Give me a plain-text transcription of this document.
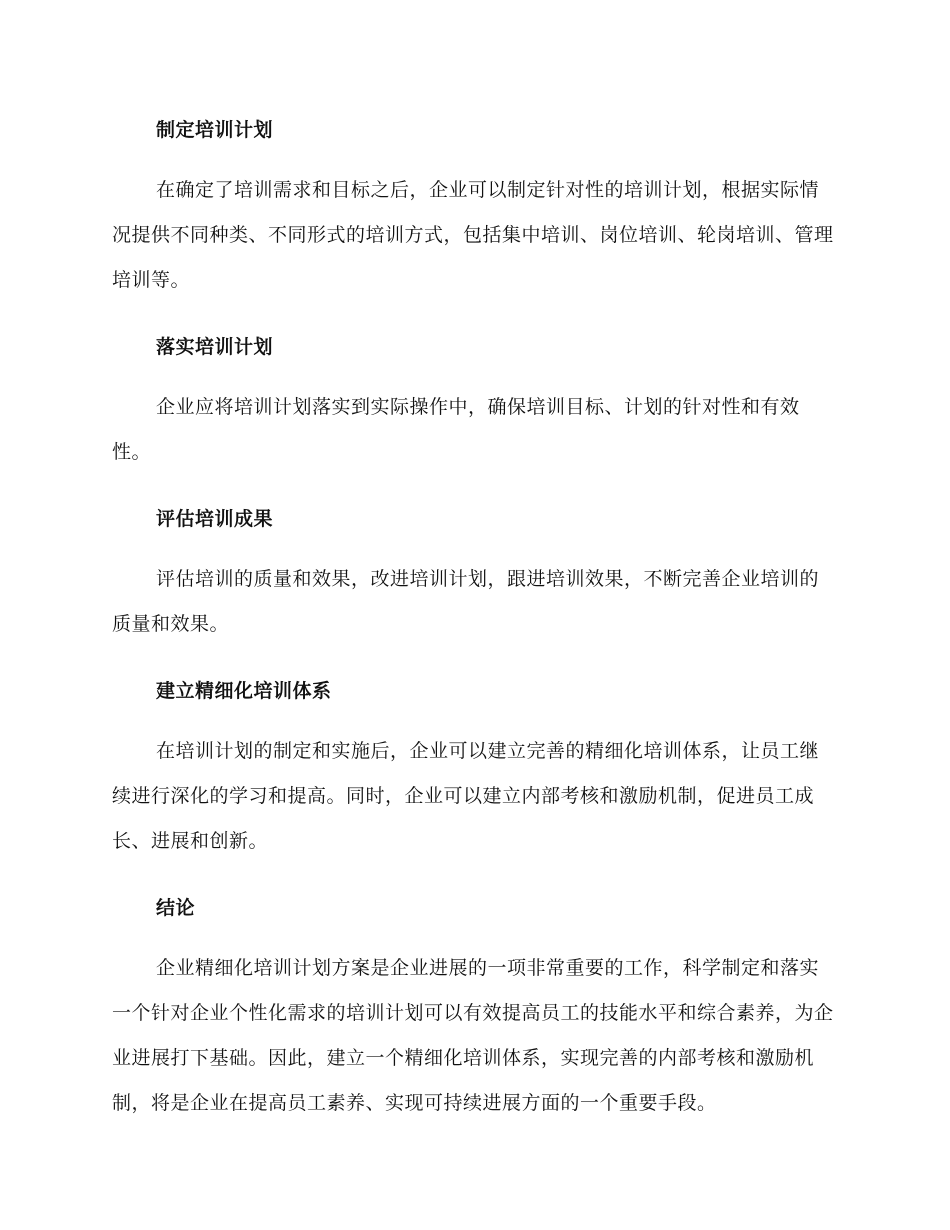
制定培训计划

在确定了培训需求和目标之后，企业可以制定针对性的培训计划，根据实际情况提供不同种类、不同形式的培训方式，包括集中培训、岗位培训、轮岗培训、管理培训等。

落实培训计划

企业应将培训计划落实到实际操作中，确保培训目标、计划的针对性和有效性。

评估培训成果

评估培训的质量和效果，改进培训计划，跟进培训效果，不断完善企业培训的质量和效果。

建立精细化培训体系

在培训计划的制定和实施后，企业可以建立完善的精细化培训体系，让员工继续进行深化的学习和提高。同时，企业可以建立内部考核和激励机制，促进员工成长、进展和创新。

结论

企业精细化培训计划方案是企业进展的一项非常重要的工作，科学制定和落实一个针对企业个性化需求的培训计划可以有效提高员工的技能水平和综合素养，为企业进展打下基础。因此，建立一个精细化培训体系，实现完善的内部考核和激励机制，将是企业在提高员工素养、实现可持续进展方面的一个重要手段。
